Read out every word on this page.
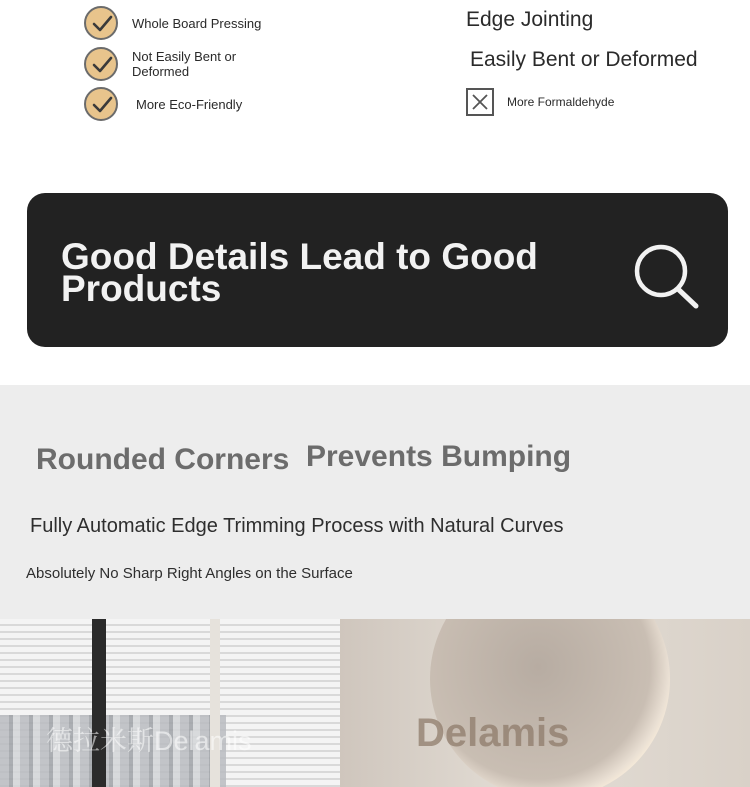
Whole Board Pressing
Not Easily Bent or Deformed
More Eco-Friendly
Edge Jointing
Easily Bent or Deformed
More Formaldehyde
Good Details Lead to Good Products
Rounded Corners Prevents Bumping
Fully Automatic Edge Trimming Process with Natural Curves
Absolutely No Sharp Right Angles on the Surface
德拉米斯Delamis	Delamis
